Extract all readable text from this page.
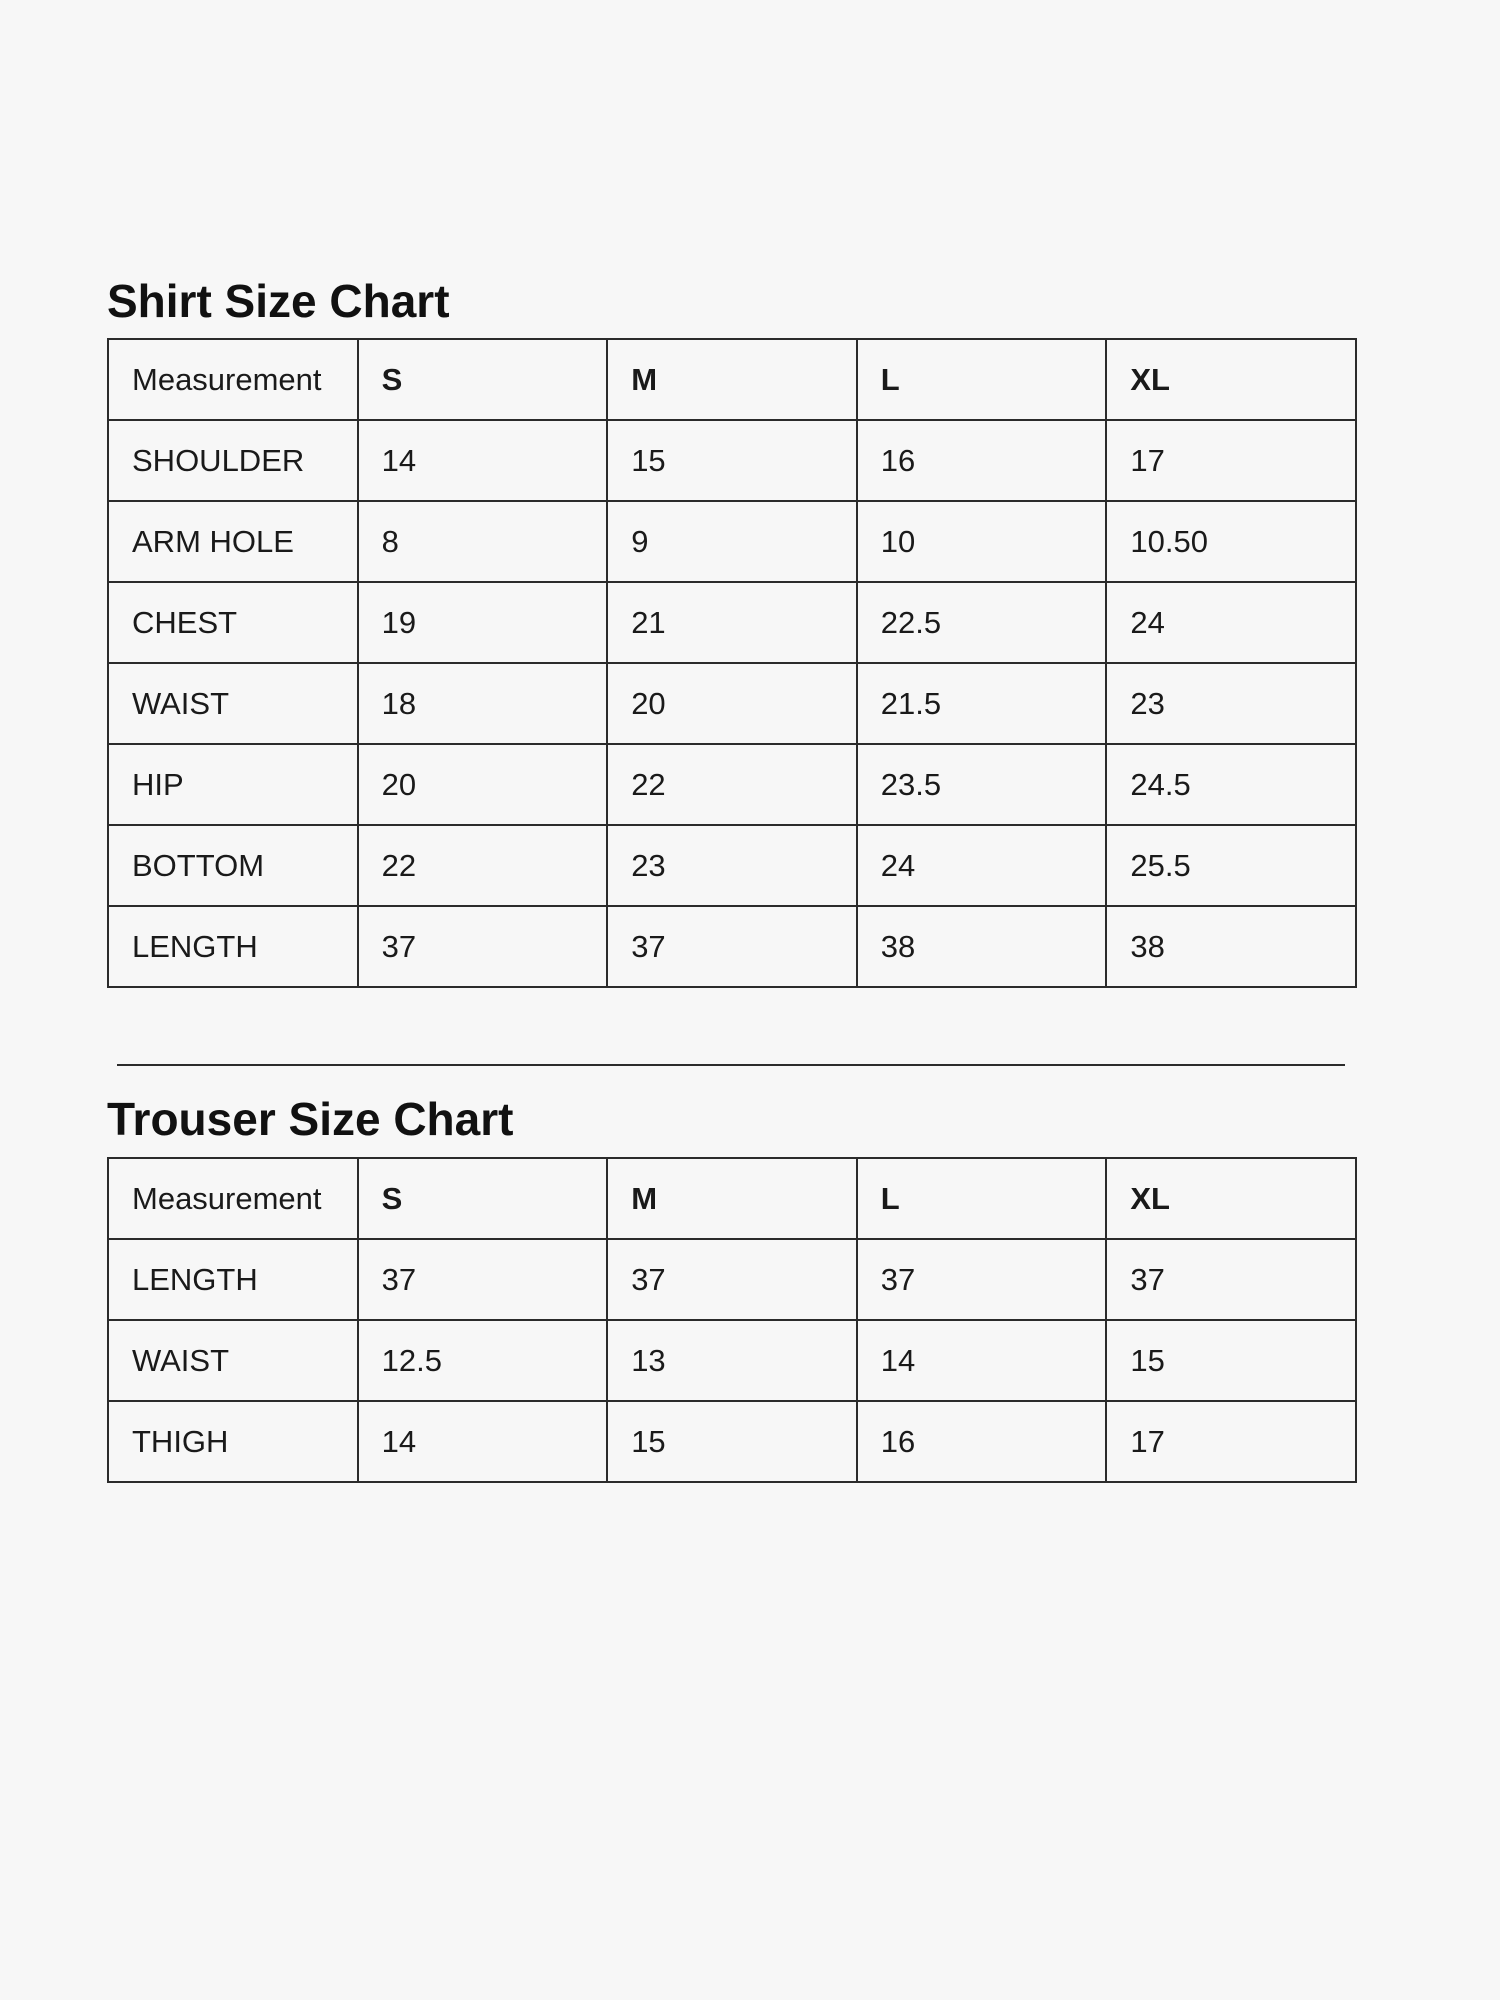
Shirt Size Chart
Measurement	S	M	L	XL
SHOULDER	14	15	16	17
ARM HOLE	8	9	10	10.50
CHEST	19	21	22.5	24
WAIST	18	20	21.5	23
HIP	20	22	23.5	24.5
BOTTOM	22	23	24	25.5
LENGTH	37	37	38	38
Trouser Size Chart
Measurement	S	M	L	XL
LENGTH	37	37	37	37
WAIST	12.5	13	14	15
THIGH	14	15	16	17
